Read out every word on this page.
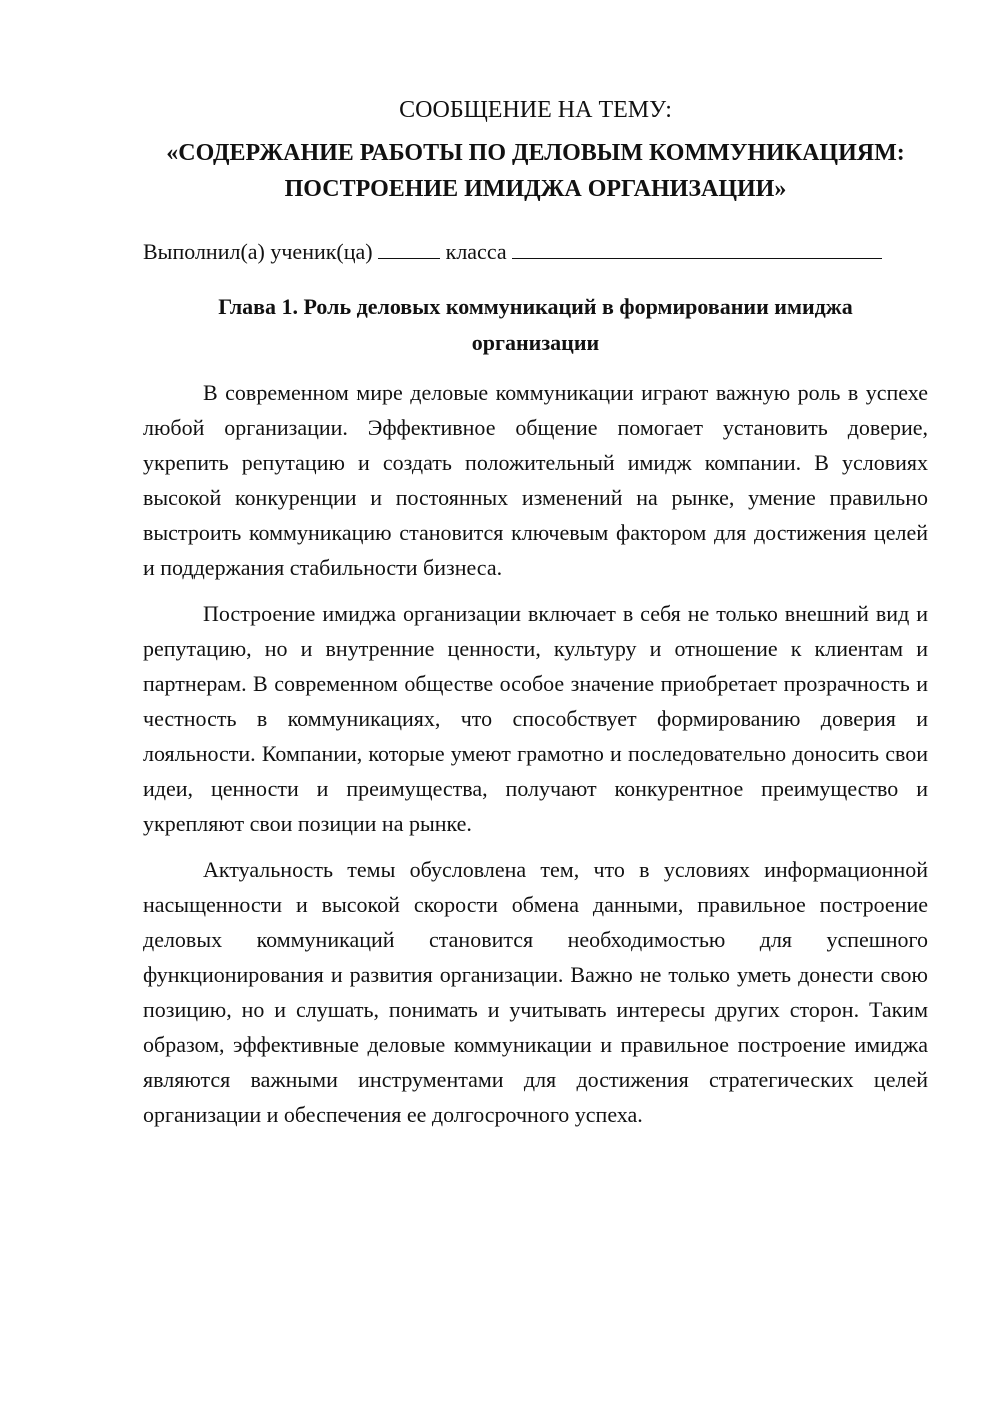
СООБЩЕНИЕ НА ТЕМУ:

«СОДЕРЖАНИЕ РАБОТЫ ПО ДЕЛОВЫМ КОММУНИКАЦИЯМ:
ПОСТРОЕНИЕ ИМИДЖА ОРГАНИЗАЦИИ»

Выполнил(а) ученик(ца)	класса

Глава 1. Роль деловых коммуникаций в формировании имиджа организации

В современном мире деловые коммуникации играют важную роль в успехе любой организации. Эффективное общение помогает установить доверие, укрепить репутацию и создать положительный имидж компании. В условиях высокой конкуренции и постоянных изменений на рынке, умение правильно выстроить коммуникацию становится ключевым фактором для достижения целей и поддержания стабильности бизнеса.

Построение имиджа организации включает в себя не только внешний вид и репутацию, но и внутренние ценности, культуру и отношение к клиентам и партнерам. В современном обществе особое значение приобретает прозрачность и честность в коммуникациях, что способствует формированию доверия и лояльности. Компании, которые умеют грамотно и последовательно доносить свои идеи, ценности и преимущества, получают конкурентное преимущество и укрепляют свои позиции на рынке.

Актуальность темы обусловлена тем, что в условиях информационной насыщенности и высокой скорости обмена данными, правильное построение деловых коммуникаций становится необходимостью для успешного функционирования и развития организации. Важно не только уметь донести свою позицию, но и слушать, понимать и учитывать интересы других сторон. Таким образом, эффективные деловые коммуникации и правильное построение имиджа являются важными инструментами для достижения стратегических целей организации и обеспечения ее долгосрочного успеха.
